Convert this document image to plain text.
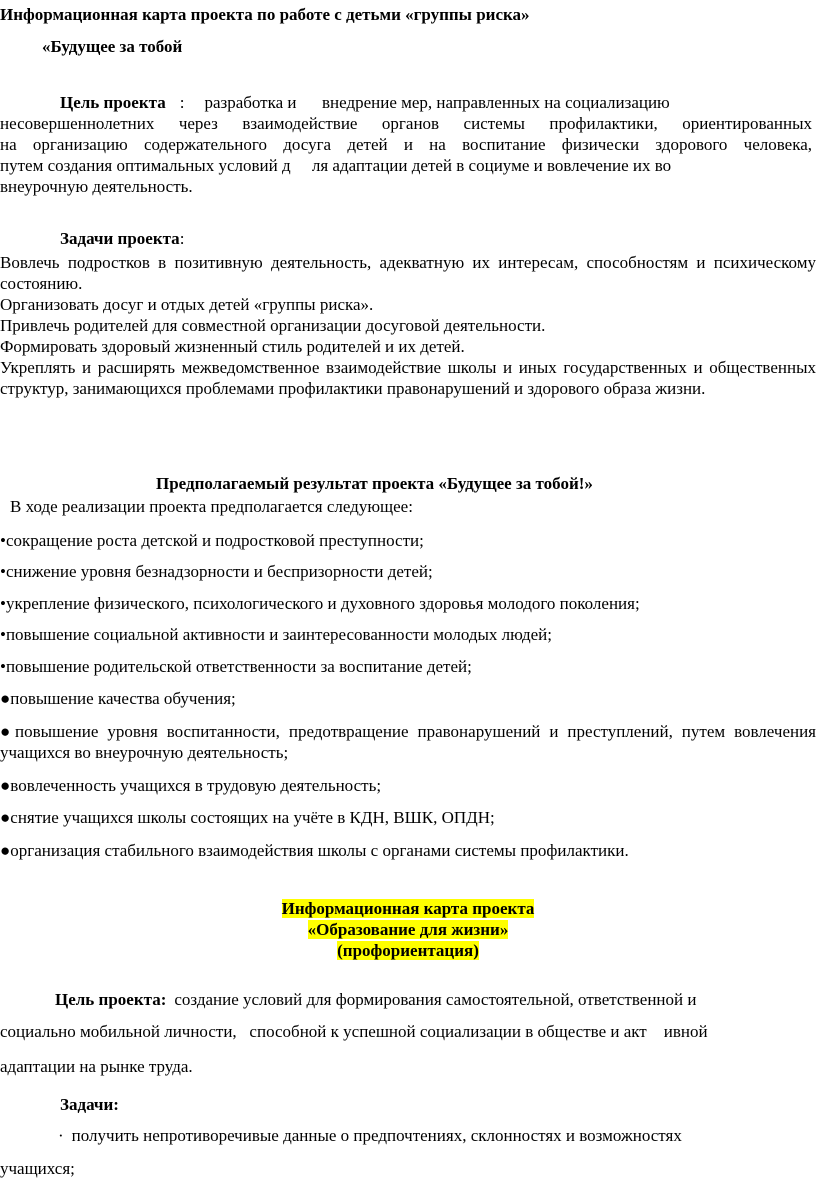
Информационная карта проекта по работе с детьми «группы риска»

«Будущее за тобой

Цель проекта : разработка и      внедрение мер, направленных на социализацию
несовершеннолетних через взаимодействие органов системы профилактики, ориентированных
на организацию содержательного досуга детей и на воспитание физически здорового человека,
путем создания оптимальных условий д     ля адаптации детей в социуме и вовлечение их во
внеурочную деятельность.
Задачи проекта:
Вовлечь подростков в позитивную деятельность, адекватную их интересам, способностям и психическому состоянию.
Организовать досуг и отдых детей «группы риска».
Привлечь родителей для совместной организации досуговой деятельности.
Формировать здоровый жизненный стиль родителей и их детей.
Укреплять и расширять межведомственное взаимодействие школы и иных государственных и общественных структур, занимающихся проблемами профилактики правонарушений и здорового образа жизни.

Предполагаемый результат проекта «Будущее за тобой!»

В ходе реализации проекта предполагается следующее:

•сокращение роста детской и подростковой преступности;
•снижение уровня безнадзорности и беспризорности детей;
•укрепление физического, психологического и духовного здоровья молодого поколения;
•повышение социальной активности и заинтересованности молодых людей;
•повышение родительской ответственности за воспитание детей;
●повышение качества обучения;
●повышение уровня воспитанности, предотвращение правонарушений и преступлений, путем вовлечения учащихся во внеурочную деятельность;
●вовлеченность учащихся в трудовую деятельность;
●снятие учащихся школы состоящих на учёте в КДН, ВШК, ОПДН;
●организация стабильного взаимодействия школы с органами системы профилактики.
Информационная карта проекта
«Образование для жизни»
(профориентация)
Цель проекта: создание условий для формирования самостоятельной, ответственной и
социально мобильной личности,   способной к успешной социализации в обществе и акт    ивной
адаптации на рынке труда.

Задачи:

· получить непротиворечивые данные о предпочтениях, склонностях и возможностях
учащихся;
